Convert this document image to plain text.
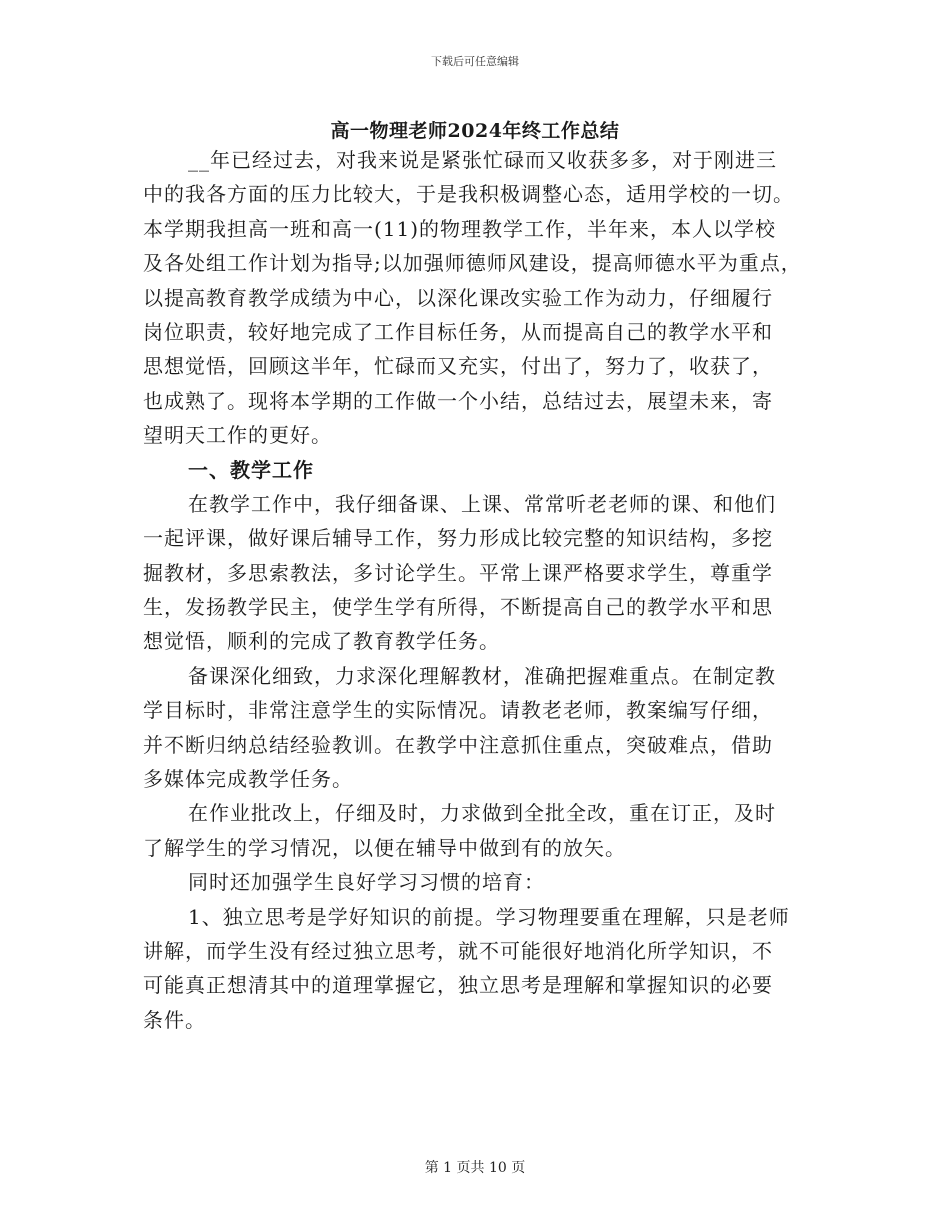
下载后可任意编辑
高一物理老师2024年终工作总结
__年已经过去，对我来说是紧张忙碌而又收获多多，对于刚进三
中的我各方面的压力比较大，于是我积极调整心态，适用学校的一切。
本学期我担高一班和高一(11)的物理教学工作，半年来，本人以学校
及各处组工作计划为指导;以加强师德师风建设，提高师德水平为重点，
以提高教育教学成绩为中心，以深化课改实验工作为动力，仔细履行
岗位职责，较好地完成了工作目标任务，从而提高自己的教学水平和
思想觉悟，回顾这半年，忙碌而又充实，付出了，努力了，收获了，
也成熟了。现将本学期的工作做一个小结，总结过去，展望未来，寄
望明天工作的更好。
一、教学工作
在教学工作中，我仔细备课、上课、常常听老老师的课、和他们
一起评课，做好课后辅导工作，努力形成比较完整的知识结构，多挖
掘教材，多思索教法，多讨论学生。平常上课严格要求学生，尊重学
生，发扬教学民主，使学生学有所得，不断提高自己的教学水平和思
想觉悟，顺利的完成了教育教学任务。
备课深化细致，力求深化理解教材，准确把握难重点。在制定教
学目标时，非常注意学生的实际情况。请教老老师，教案编写仔细，
并不断归纳总结经验教训。在教学中注意抓住重点，突破难点，借助
多媒体完成教学任务。
在作业批改上，仔细及时，力求做到全批全改，重在订正，及时
了解学生的学习情况，以便在辅导中做到有的放矢。
同时还加强学生良好学习习惯的培育：
1、独立思考是学好知识的前提。学习物理要重在理解，只是老师
讲解，而学生没有经过独立思考，就不可能很好地消化所学知识，不
可能真正想清其中的道理掌握它，独立思考是理解和掌握知识的必要
条件。
第 1 页共 10 页
